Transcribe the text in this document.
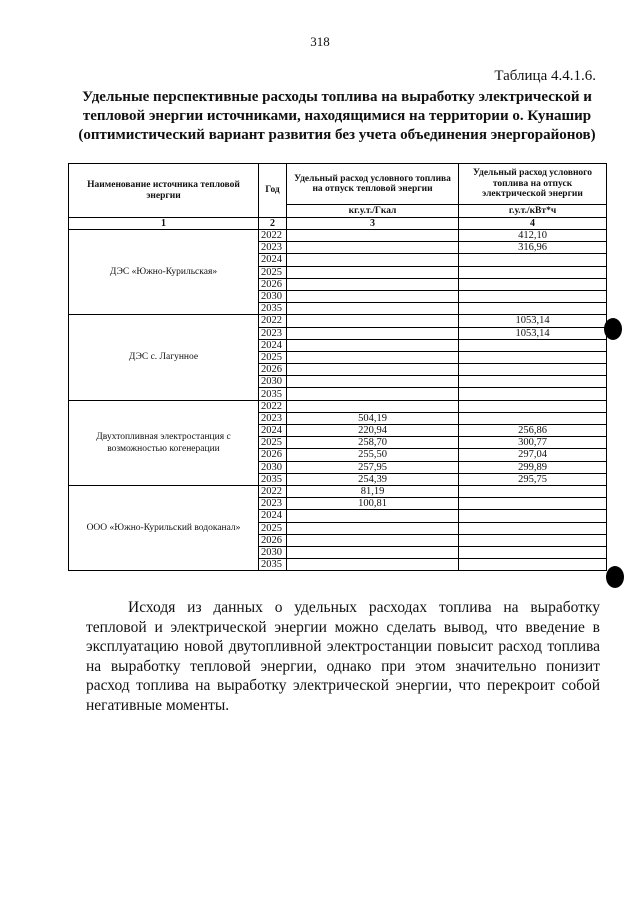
318
Таблица 4.4.1.6.
Удельные перспективные расходы топлива на выработку электрической и тепловой энергии источниками, находящимися на территории о. Кунашир (оптимистический вариант развития без учета объединения энергорайонов)
Наименование источника тепловой энергии	Год	Удельный расход условного топлива на отпуск тепловой энергии	Удельный расход условного топлива на отпуск электрической энергии
		кг.у.т./Гкал	г.у.т./кВт*ч
1	2	3	4
ДЭС «Южно-Курильская»	2022		412,10
	2023		316,96
	2024		
	2025		
	2026		
	2030		
	2035		
ДЭС с. Лагунное	2022		1053,14
	2023		1053,14
	2024		
	2025		
	2026		
	2030		
	2035		
Двухтопливная электростанция с возможностью когенерации	2022		
	2023	504,19	
	2024	220,94	256,86
	2025	258,70	300,77
	2026	255,50	297,04
	2030	257,95	299,89
	2035	254,39	295,75
ООО «Южно-Курильский водоканал»	2022	81,19	
	2023	100,81	
	2024		
	2025		
	2026		
	2030		
	2035		
Исходя из данных о удельных расходах топлива на выработку тепловой и электрической энергии можно сделать вывод, что введение в эксплуатацию новой двутопливной электростанции повысит расход топлива на выработку тепловой энергии, однако при этом значительно понизит расход топлива на выработку электрической энергии, что перекроит собой негативные моменты.
